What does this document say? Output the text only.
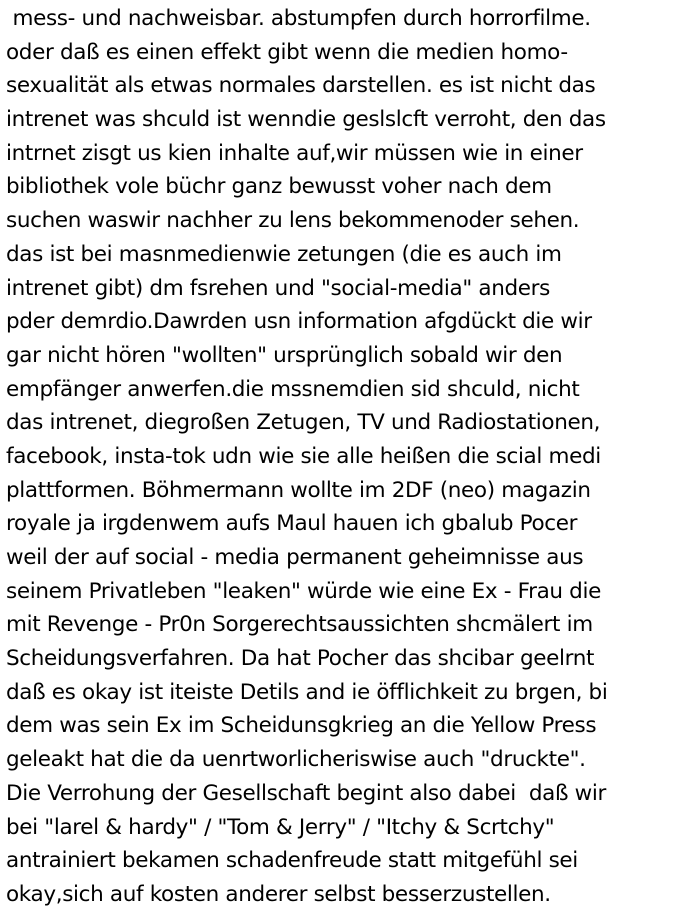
mess- und nachweisbar. abstumpfen durch horrorfilme.
oder daß es einen effekt gibt wenn die medien homo-
sexualität als etwas normales darstellen. es ist nicht das
intrenet was shculd ist wenndie geslslcft verroht, den das
intrnet zisgt us kien inhalte auf,wir müssen wie in einer
bibliothek vole büchr ganz bewusst voher nach dem
suchen waswir nachher zu lens bekommenoder sehen.
das ist bei masnmedienwie zetungen (die es auch im
intrenet gibt) dm fsrehen und "social-media" anders
pder demrdio.Dawrden usn information afgdückt die wir
gar nicht hören "wollten" ursprünglich sobald wir den
empfänger anwerfen.die mssnemdien sid shculd, nicht
das intrenet, diegroßen Zetugen, TV und Radiostationen,
facebook, insta-tok udn wie sie alle heißen die scial medi
plattformen. Böhmermann wollte im 2DF (neo) magazin
royale ja irgdenwem aufs Maul hauen ich gbalub Pocer
weil der auf social - media permanent geheimnisse aus
seinem Privatleben "leaken" würde wie eine Ex - Frau die
mit Revenge - Pr0n Sorgerechtsaussichten shcmälert im
Scheidungsverfahren. Da hat Pocher das shcibar geelrnt
daß es okay ist iteiste Detils and ie öfflichkeit zu brgen, bi
dem was sein Ex im Scheidunsgkrieg an die Yellow Press
geleakt hat die da uenrtworlicheriswise auch "druckte".
Die Verrohung der Gesellschaft begint also dabei  daß wir
bei "larel & hardy" / "Tom & Jerry" / "Itchy & Scrtchy"
antrainiert bekamen schadenfreude statt mitgefühl sei
okay,sich auf kosten anderer selbst besserzustellen.
